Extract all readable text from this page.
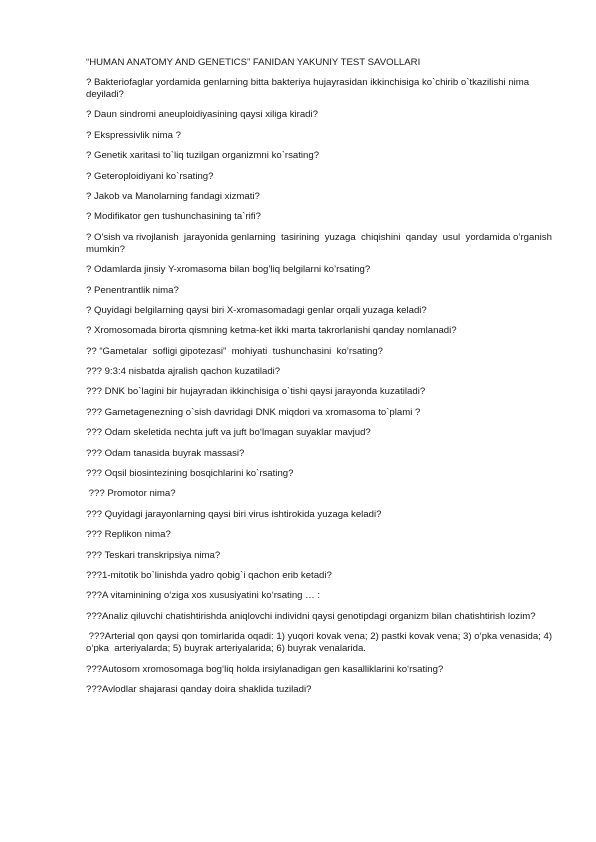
“HUMAN ANATOMY AND GENETICS” FANIDAN YAKUNIY TEST SAVOLLARI

? Bakteriofaglar yordamida genlarning bitta bakteriya hujayrasidan ikkinchisiga ko`chirib o`tkazilishi nima deyiladi?

? Daun sindromi aneuploidiyasining qaysi xiliga kiradi?

? Ekspressivlik nima ?

? Genetik xaritasi to`liq tuzilgan organizmni ko`rsating?

? Geteroploidiyani ko`rsating?

? Jakob va Manolarning fandagi xizmati?

? Modifikator gen tushunchasining ta`rifi?

? O’sish va rivojlanish  jarayonida genlarning  tasirining  yuzaga  chiqishini  qanday  usul  yordamida o’rganish  mumkin?

? Odamlarda jinsiy Y-xromasoma bilan bog’liq belgilarni ko’rsating?

? Penentrantlik nima?

? Quyidagi belgilarning qaysi biri X-xromasomadagi genlar orqali yuzaga keladi?

? Xromosomada birorta qismning ketma-ket ikki marta takrorlanishi qanday nomlanadi?

?? “Gametalar  sofligi gipotezasi”  mohiyati  tushunchasini  ko’rsating?

??? 9:3:4 nisbatda ajralish qachon kuzatiladi?

??? DNK bo`lagini bir hujayradan ikkinchisiga o`tishi qaysi jarayonda kuzatiladi?

??? Gametagenezning o`sish davridagi DNK miqdori va xromasoma to`plami ?

??? Odam skeletida nechta juft va juft bo‘lmagan suyaklar mavjud?

??? Odam tanasida buyrak massasi?

??? Oqsil biosintezining bosqichlarini ko`rsating?

??? Promotor nima?

??? Quyidagi jarayonlarning qaysi biri virus ishtirokida yuzaga keladi?

??? Replikon nima?

??? Teskari transkripsiya nima?

???1-mitotik bo`linishda yadro qobig`i qachon erib ketadi?

???A vitaminining o‘ziga xos xususiyatini ko‘rsating … :

???Analiz qiluvchi chatishtirishda aniqlovchi individni qaysi genotipdagi organizm bilan chatishtirish lozim?

???Arterial qon qaysi qon tomirlarida oqadi: 1) yuqori kovak vena; 2) pastki kovak vena; 3) o‘pka venasida; 4) o‘pka  arteriyalarda; 5) buyrak arteriyalarida; 6) buyrak venalarida.

???Autosom xromosomaga bog‘liq holda irsiylanadigan gen kasalliklarini ko‘rsating?

???Avlodlar shajarasi qanday doira shaklida tuziladi?
